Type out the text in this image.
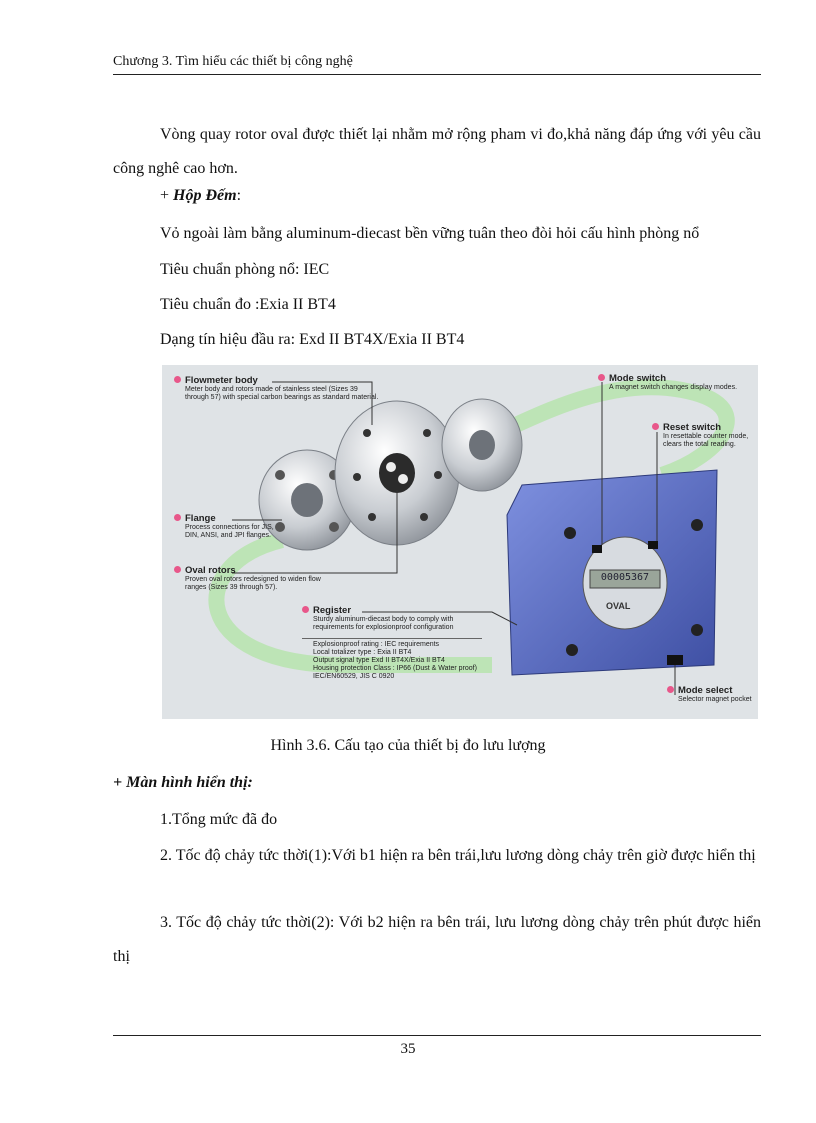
Chương 3. Tìm hiểu các thiết bị công nghệ
Vòng quay rotor oval được thiết lại nhằm mở rộng pham vi đo,khả năng đáp ứng với yêu cầu công nghê cao hơn.
+ Hộp Đếm:
Vỏ ngoài làm bằng aluminum-diecast bền vững tuân theo đòi hỏi cấu hình phòng nổ
Tiêu chuẩn phòng nổ: IEC
Tiêu chuẩn đo :Exia II BT4
Dạng tín hiệu đầu ra: Exd II BT4X/Exia II BT4
Flowmeter body
Meter body and rotors made of stainless steel (Sizes 39 through 57) with special carbon bearings as standard material.
Flange
Process connections for JIS, DIN, ANSI, and JPI flanges.
Oval rotors
Proven oval rotors redesigned to widen flow ranges (Sizes 39 through 57).
Register
Sturdy aluminum-diecast body to comply with requirements for explosionproof configuration
Explosionproof rating : IEC requirements
Local totalizer type : Exia II BT4
Output signal type Exd II BT4X/Exia II BT4
Housing protection Class : IP66 (Dust & Water proof)
IEC/EN60529, JIS C 0920
Mode switch
A magnet switch changes display modes.
Reset switch
In resettable counter mode, clears the total reading.
Mode select
Selector magnet pocket
00005367
OVAL
Hình 3.6. Cấu tạo của thiết bị đo lưu lượng
+ Màn hình hiển thị:
1.Tổng mức đã đo
2. Tốc độ chảy tức thời(1):Với b1 hiện ra bên trái,lưu lương dòng chảy trên giờ được hiển thị
3. Tốc độ chảy tức thời(2): Với b2 hiện ra bên trái, lưu lương dòng chảy trên phút được hiển thị
35
